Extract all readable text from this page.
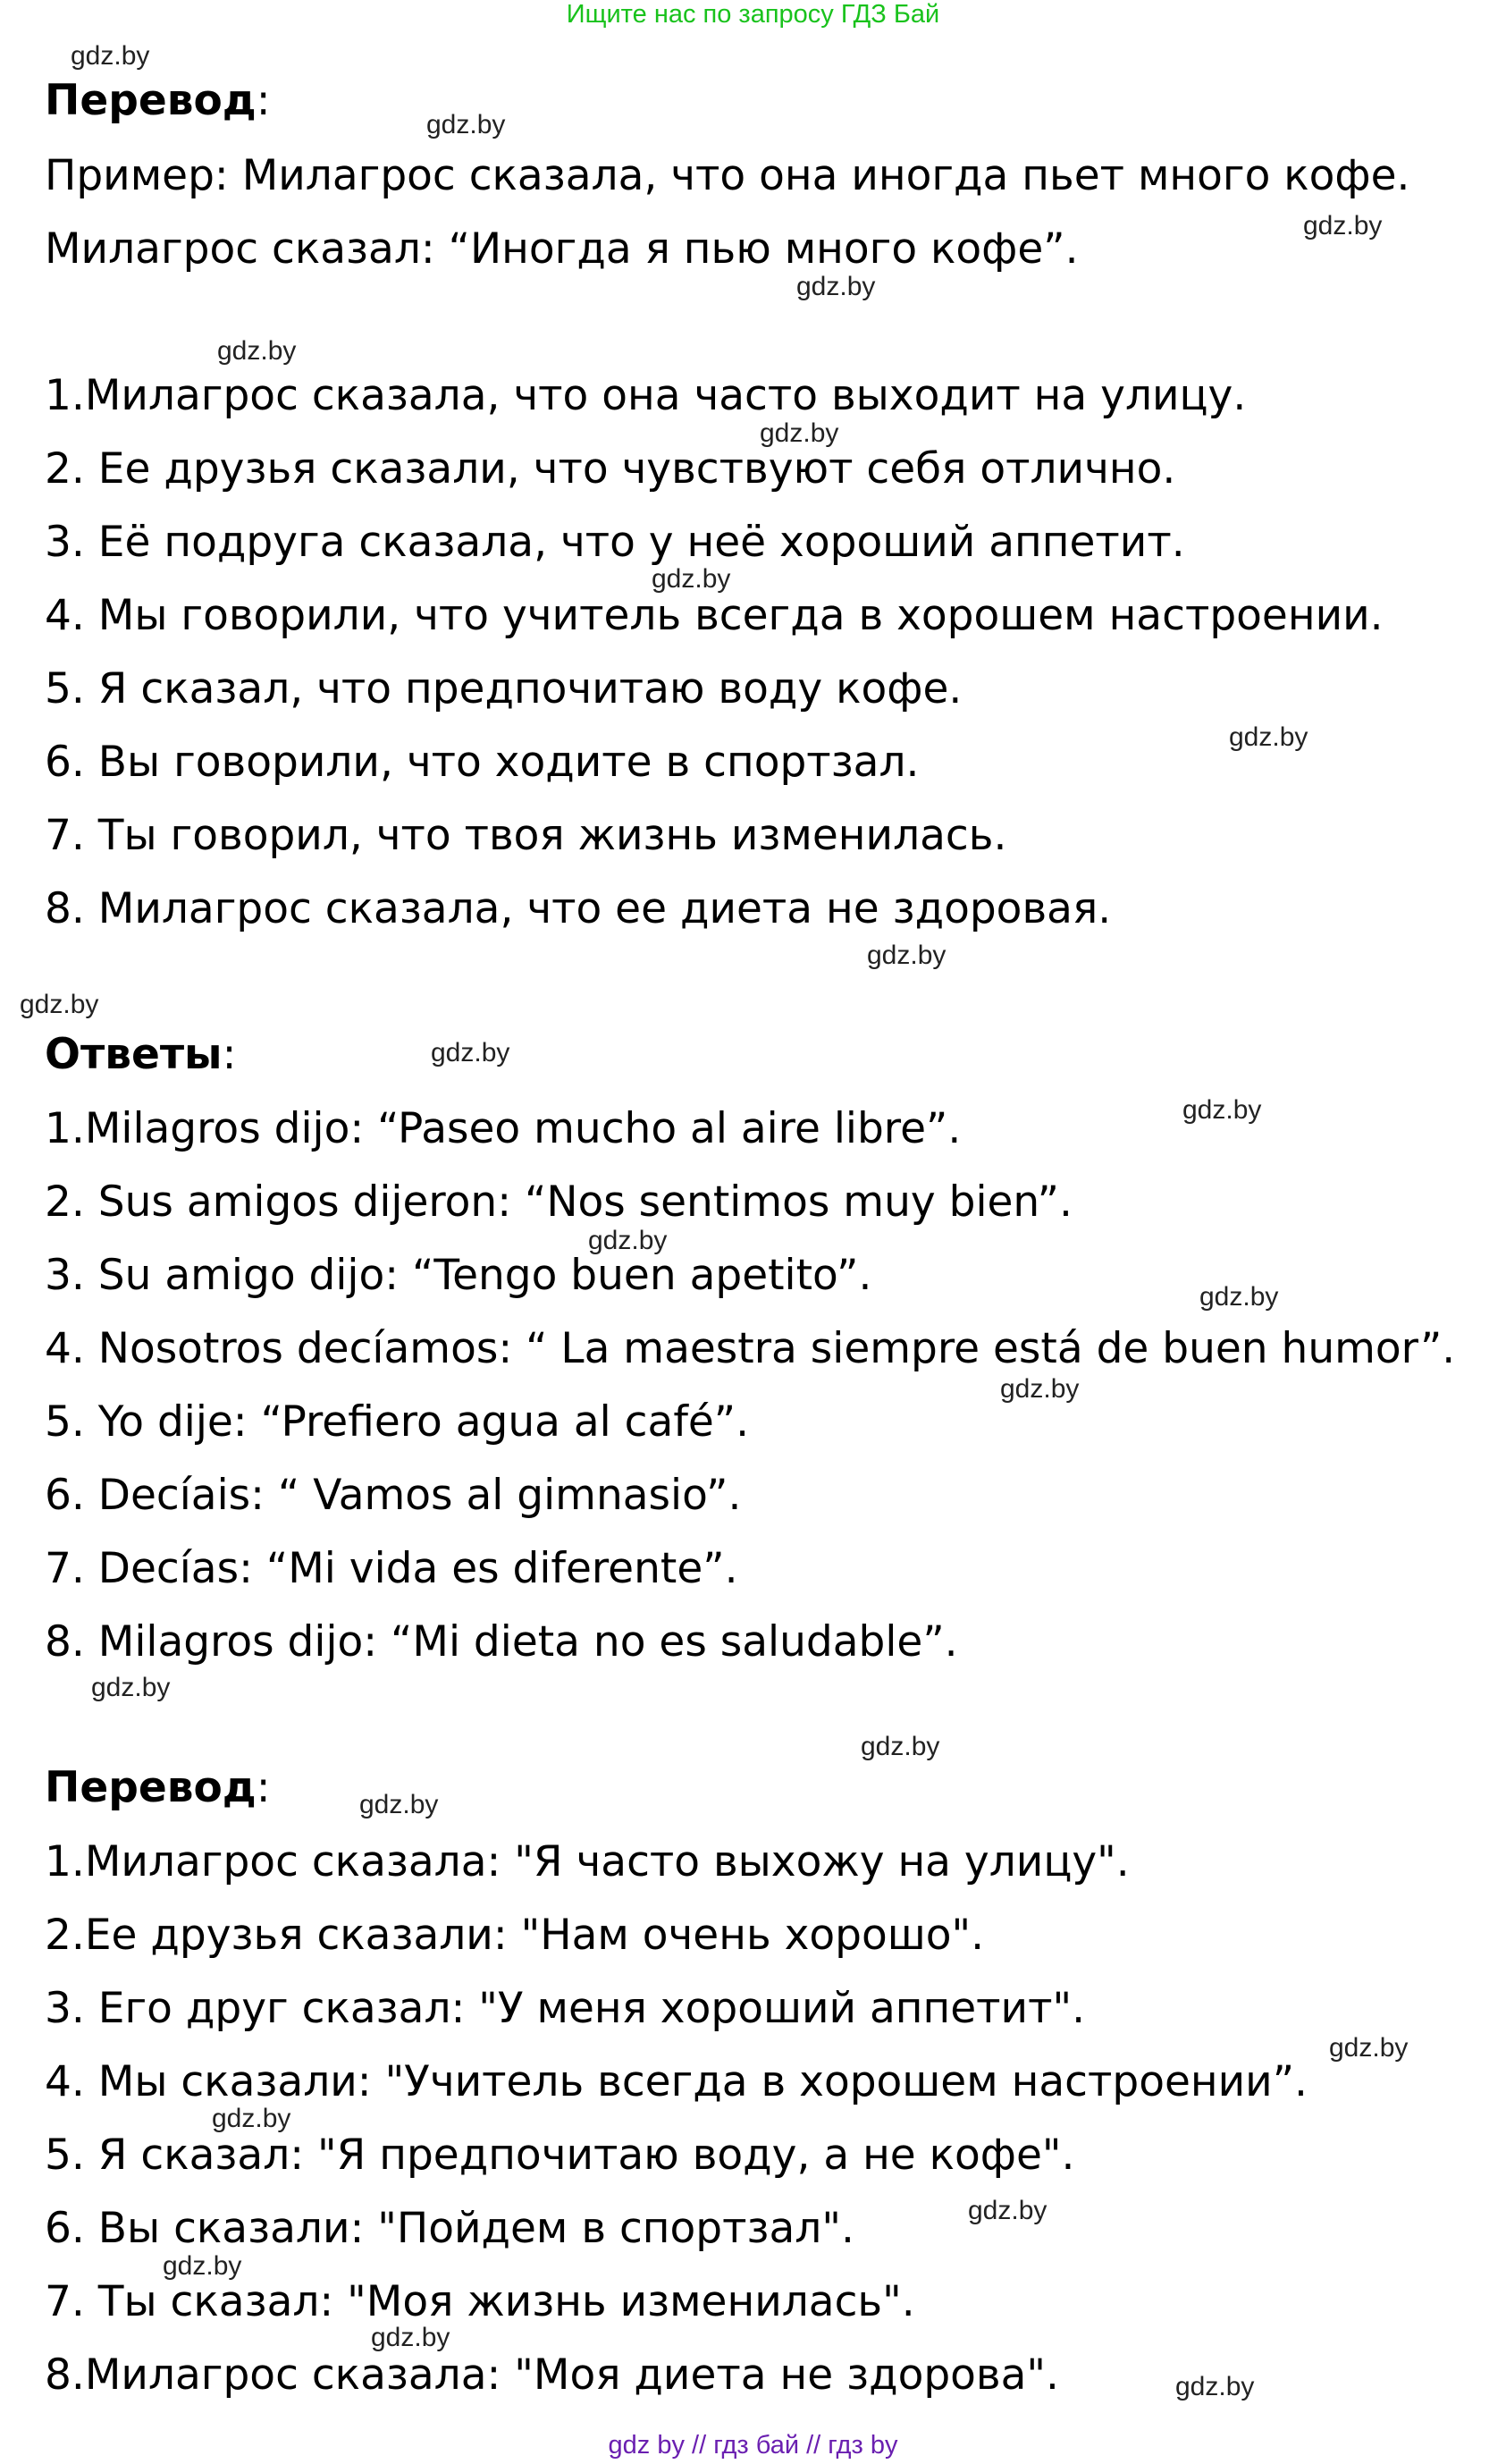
Ищите нас по запросу ГДЗ Бай
Перевод:
Пример: Милагрос сказала, что она иногда пьет много кофе.
Милагрос сказал: “Иногда я пью много кофе”.
1.Милагрос сказала, что она часто выходит на улицу.
2. Ее друзья сказали, что чувствуют себя отлично.
3. Её подруга сказала, что у неё хороший аппетит.
4. Мы говорили, что учитель всегда в хорошем настроении.
5. Я сказал, что предпочитаю воду кофе.
6. Вы говорили, что ходите в спортзал.
7. Ты говорил, что твоя жизнь изменилась.
8. Милагрос сказала, что ее диета не здоровая.
Ответы:
1.Milagros dijo: “Paseo mucho al aire libre”.
2. Sus amigos dijeron: “Nos sentimos muy bien”.
3. Su amigo dijo: “Tengo buen apetito”.
4. Nosotros decíamos: “ La maestra siempre está de buen humor”.
5. Yo dije: “Prefiero agua al café”.
6. Decíais: “ Vamos al gimnasio”.
7. Decías: “Mi vida es diferente”.
8. Milagros dijo: “Mi dieta no es saludable”.
Перевод:
1.Милагрос сказала: "Я часто выхожу на улицу".
2.Ее друзья сказали: "Нам очень хорошо".
3. Его друг сказал: "У меня хороший аппетит".
4. Мы сказали: "Учитель всегда в хорошем настроении”.
5. Я сказал: "Я предпочитаю воду, а не кофе".
6. Вы сказали: "Пойдем в спортзал".
7. Ты сказал: "Моя жизнь изменилась".
8.Милагрос сказала: "Моя диета не здорова".
gdz.by
gdz.by
gdz.by
gdz.by
gdz.by
gdz.by
gdz.by
gdz.by
gdz.by
gdz.by
gdz.by
gdz.by
gdz.by
gdz.by
gdz.by
gdz.by
gdz.by
gdz.by
gdz.by
gdz.by
gdz.by
gdz.by
gdz.by
gdz.by
gdz by // гдз бай // гдз by
